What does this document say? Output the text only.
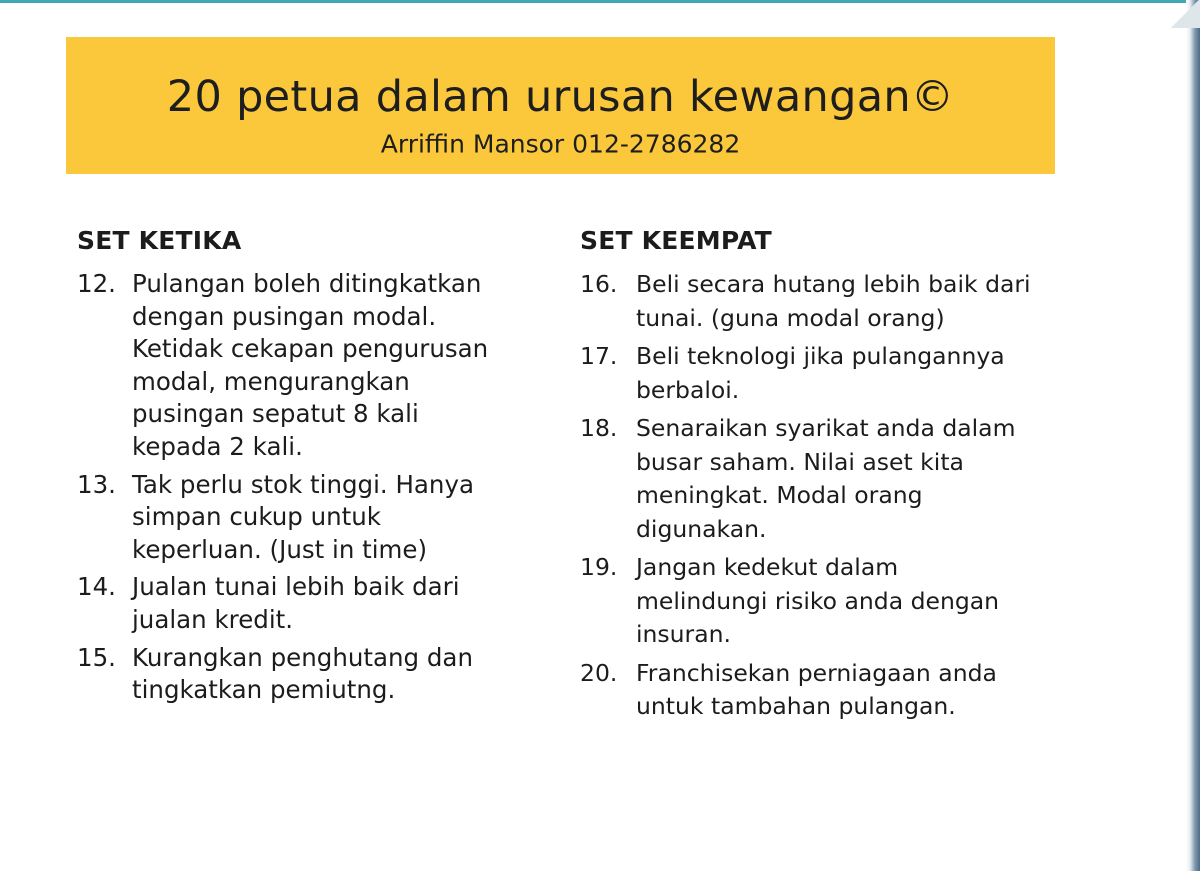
20 petua dalam urusan kewangan©
Arriffin Mansor 012-2786282
SET KETIKA
12. Pulangan boleh ditingkatkan
dengan pusingan modal.
Ketidak cekapan pengurusan
modal, mengurangkan
pusingan sepatut 8 kali
kepada 2 kali.
13. Tak perlu stok tinggi. Hanya
simpan cukup untuk
keperluan. (Just in time)
14. Jualan tunai lebih baik dari
jualan kredit.
15. Kurangkan penghutang dan
tingkatkan pemiutng.
SET KEEMPAT
16. Beli secara hutang lebih baik dari
tunai. (guna modal orang)
17. Beli teknologi jika pulangannya
berbaloi.
18. Senaraikan syarikat anda dalam
busar saham. Nilai aset kita
meningkat. Modal orang
digunakan.
19. Jangan kedekut dalam
melindungi risiko anda dengan
insuran.
20. Franchisekan perniagaan anda
untuk tambahan pulangan.
